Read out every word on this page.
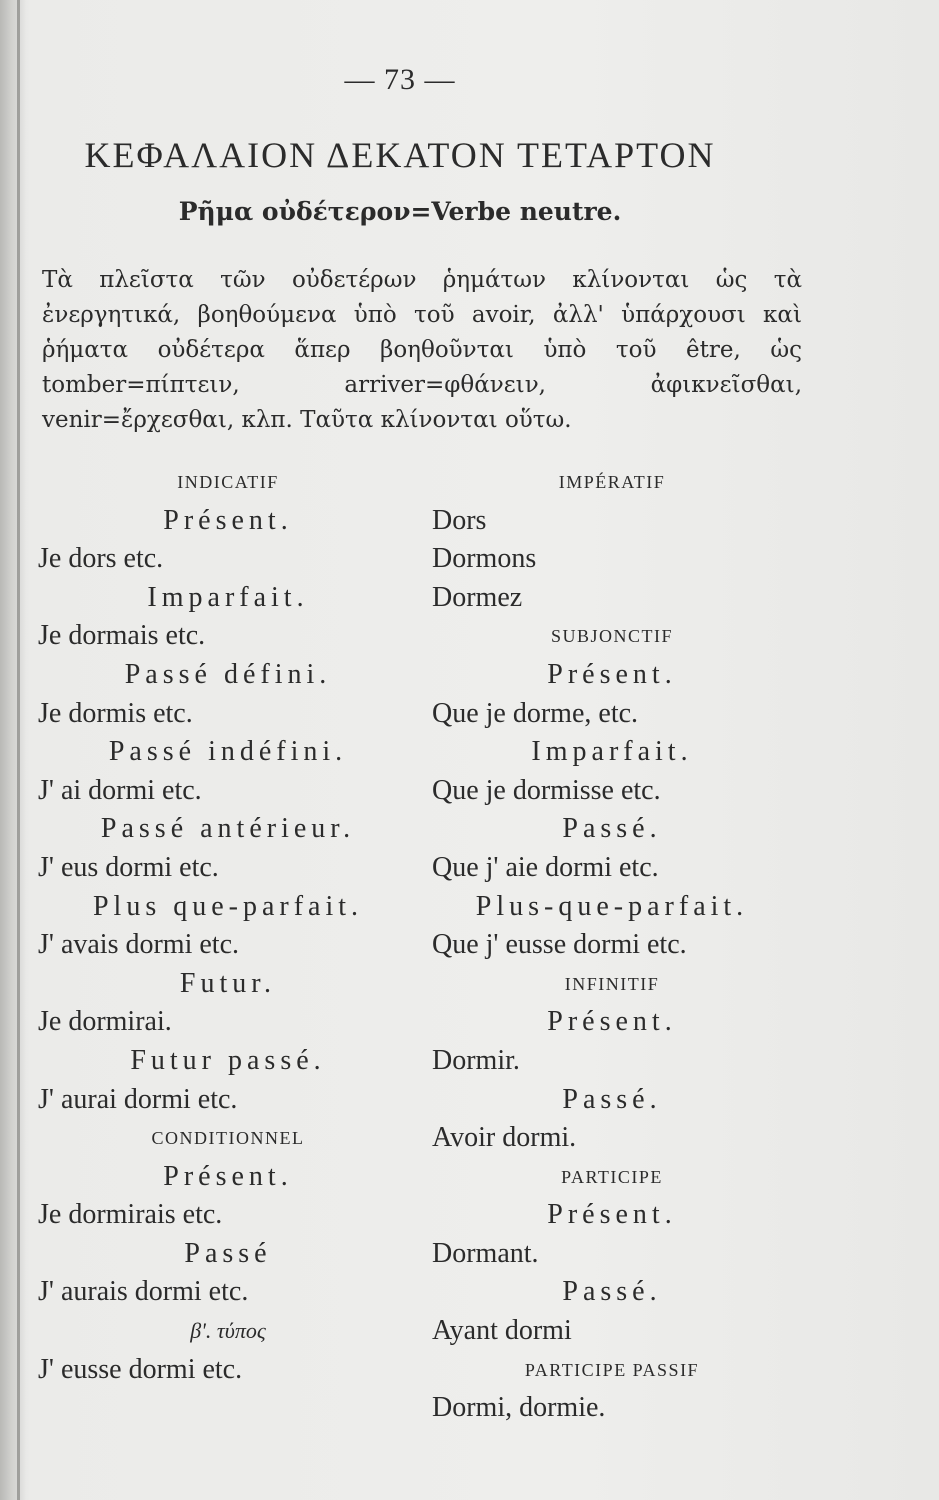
— 73 —
ΚΕΦΑΛΑΙΟΝ ΔΕΚΑΤΟΝ ΤΕΤΑΡΤΟΝ
Ρῆμα οὐδέτερον=Verbe neutre.

Τὰ πλεῖστα τῶν οὐδετέρων ῥημάτων κλίνονται ὡς τὰ ἐνεργητικά, βοηθούμενα ὑπὸ τοῦ avoir, ἀλλ' ὑπάρχουσι καὶ ῥήματα οὐδέτερα ἅπερ βοηθοῦνται ὑπὸ τοῦ être, ὡς tomber=πίπτειν, arriver=φθάνειν, ἀφικνεῖσθαι, venir=ἔρχεσθαι, κλπ. Ταῦτα κλίνονται οὕτω.

INDICATIF
Présent.
Je dors etc.
Imparfait.
Je dormais etc.
Passé défini.
Je dormis etc.
Passé indéfini.
J' ai dormi etc.
Passé antérieur.
J' eus dormi etc.
Plus que-parfait.
J' avais dormi etc.
Futur.
Je dormirai.
Futur passé.
J' aurai dormi etc.
CONDITIONNEL
Présent.
Je dormirais etc.
Passé
J' aurais dormi etc.
β'. τύπος
J' eusse dormi etc.
IMPÉRATIF
Dors
Dormons
Dormez
SUBJONCTIF
Présent.
Que je dorme, etc.
Imparfait.
Que je dormisse etc.
Passé.
Que j' aie dormi etc.
Plus-que-parfait.
Que j' eusse dormi etc.
INFINITIF
Présent.
Dormir.
Passé.
Avoir dormi.
PARTICIPE
Présent.
Dormant.
Passé.
Ayant dormi
PARTICIPE PASSIF
Dormi, dormie.
